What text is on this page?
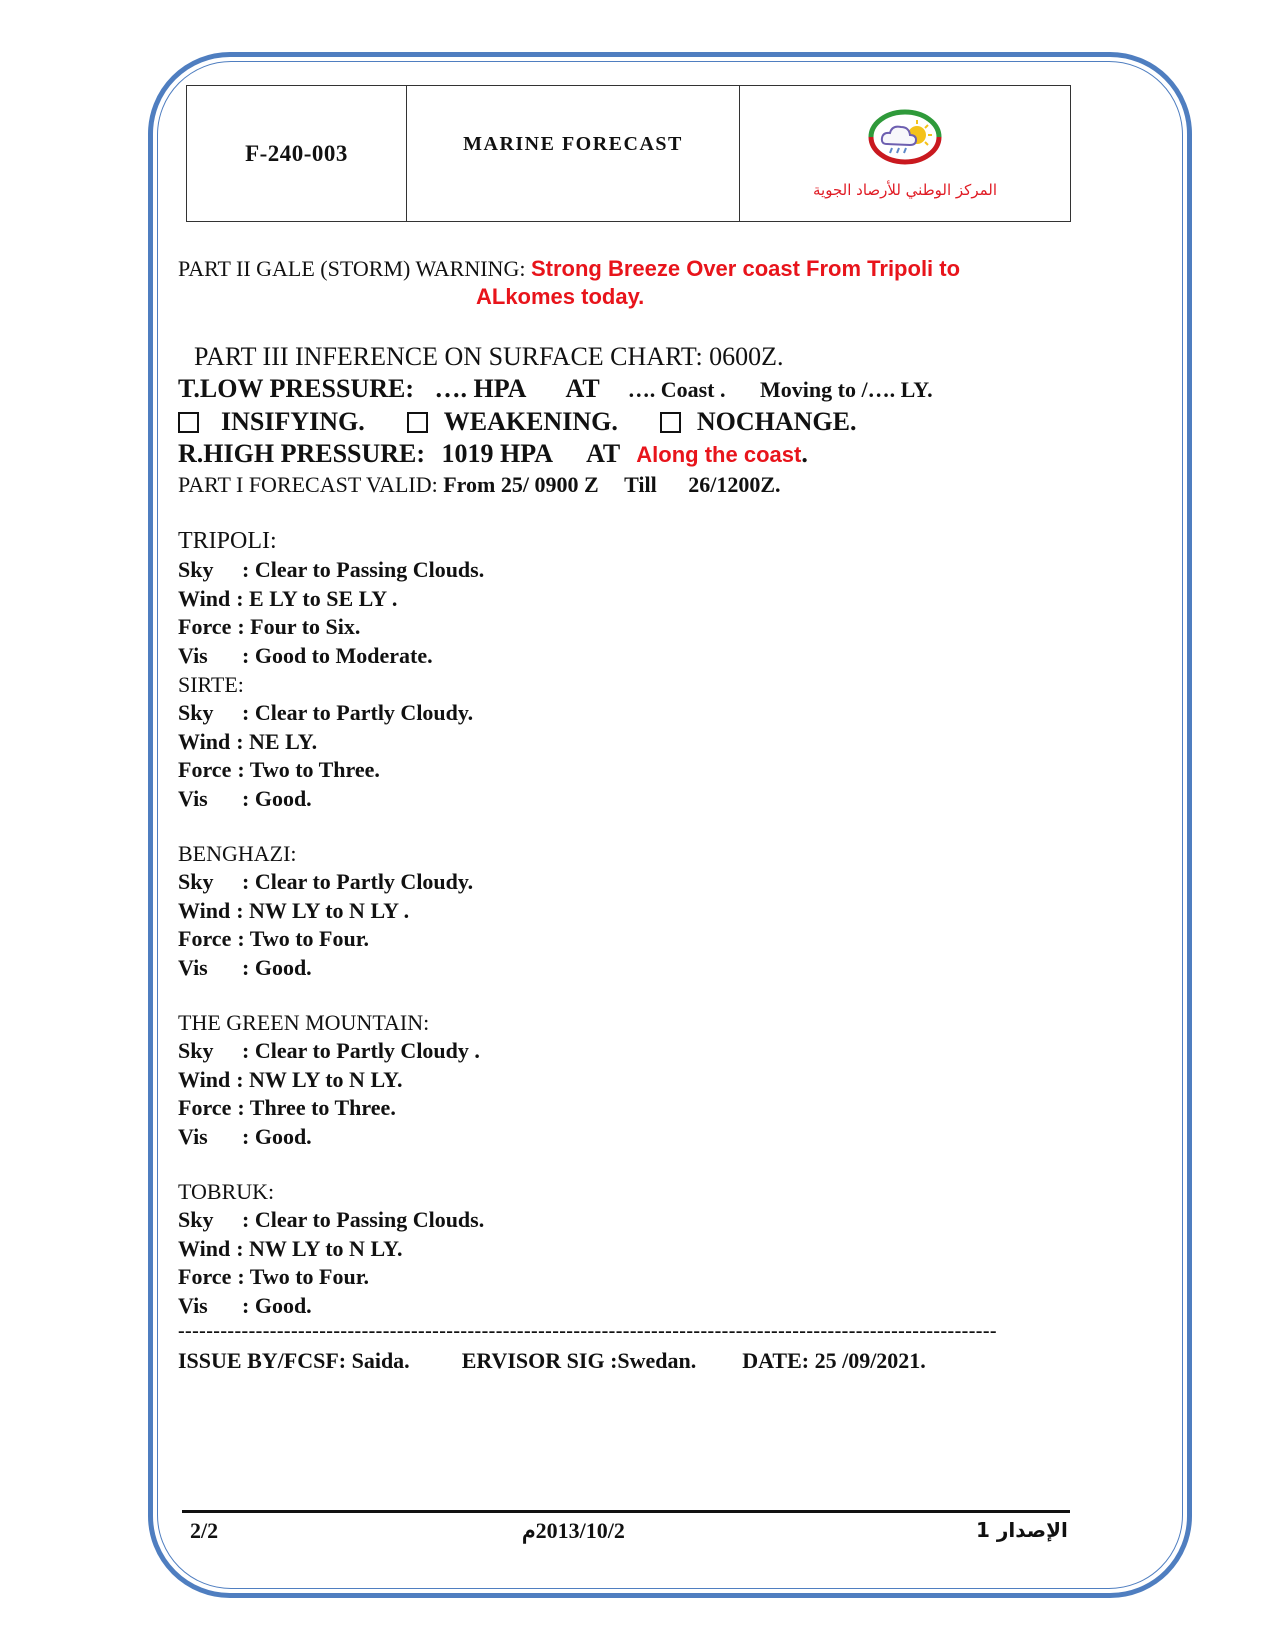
F-240-003	MARINE FORECAST	
المركز الوطني للأرصاد الجوية
PART II GALE (STORM) WARNING: Strong Breeze Over coast From Tripoli to
ALkomes today.
PART III INFERENCE ON SURFACE CHART: 0600Z.
T.LOW PRESSURE: …. HPA AT …. Coast . Moving to /…. LY.
INSIFYING.	WEAKENING.	NOCHANGE.
R.HIGH PRESSURE: 1019 HPA AT Along the coast.
PART I FORECAST VALID: From 25/ 0900 Z Till 26/1200Z.
TRIPOLI:
Sky	: Clear to Passing Clouds.
Wind : E LY to SE LY .
Force : Four to Six.
Vis	: Good to Moderate.
SIRTE:
Sky	: Clear to Partly Cloudy.
Wind : NE LY.
Force : Two to Three.
Vis	: Good.
BENGHAZI:
Sky	: Clear to Partly Cloudy.
Wind : NW LY to N LY .
Force : Two to Four.
Vis	: Good.
THE GREEN MOUNTAIN:
Sky	: Clear to Partly Cloudy .
Wind : NW LY to N LY.
Force : Three to Three.
Vis	: Good.
TOBRUK:
Sky	: Clear to Passing Clouds.
Wind : NW LY to N LY.
Force : Two to Four.
Vis	: Good.
--------------------------------------------------------------------------------------------------------------------
ISSUE BY/FCSF: Saida. ERVISOR SIG :Swedan. DATE: 25 /09/2021.
2/2	2013/10/2م	الإصدار 1
